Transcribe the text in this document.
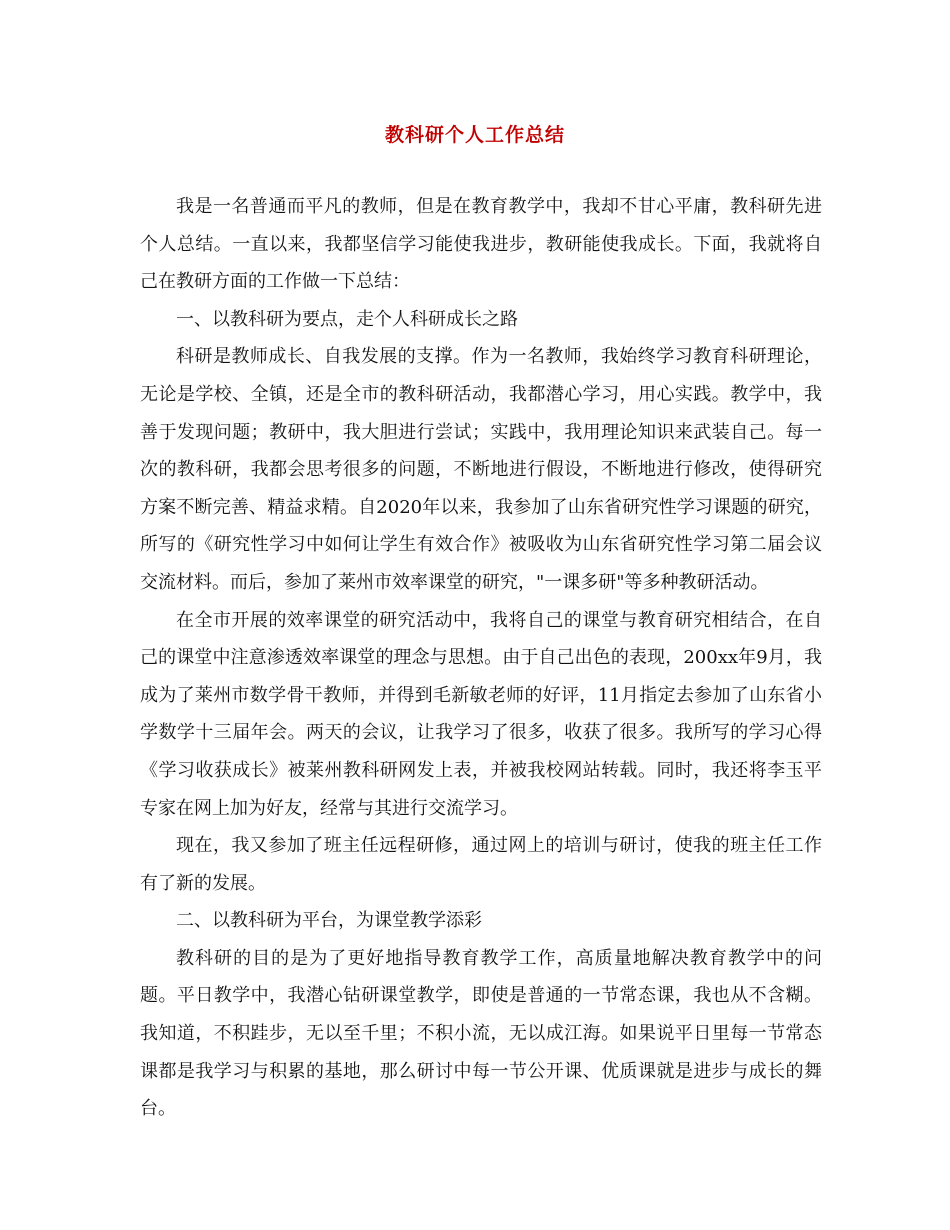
教科研个人工作总结

我是一名普通而平凡的教师，但是在教育教学中，我却不甘心平庸，教科研先进个人总结。一直以来，我都坚信学习能使我进步，教研能使我成长。下面，我就将自己在教研方面的工作做一下总结：

一、以教科研为要点，走个人科研成长之路

科研是教师成长、自我发展的支撑。作为一名教师，我始终学习教育科研理论，无论是学校、全镇，还是全市的教科研活动，我都潜心学习，用心实践。教学中，我善于发现问题；教研中，我大胆进行尝试；实践中，我用理论知识来武装自己。每一次的教科研，我都会思考很多的问题，不断地进行假设，不断地进行修改，使得研究方案不断完善、精益求精。自2020年以来，我参加了山东省研究性学习课题的研究，所写的《研究性学习中如何让学生有效合作》被吸收为山东省研究性学习第二届会议交流材料。而后，参加了莱州市效率课堂的研究，"一课多研"等多种教研活动。

在全市开展的效率课堂的研究活动中，我将自己的课堂与教育研究相结合，在自己的课堂中注意渗透效率课堂的理念与思想。由于自己出色的表现，200xx年9月，我成为了莱州市数学骨干教师，并得到毛新敏老师的好评，11月指定去参加了山东省小学数学十三届年会。两天的会议，让我学习了很多，收获了很多。我所写的学习心得《学习收获成长》被莱州教科研网发上表，并被我校网站转载。同时，我还将李玉平专家在网上加为好友，经常与其进行交流学习。

现在，我又参加了班主任远程研修，通过网上的培训与研讨，使我的班主任工作有了新的发展。

二、以教科研为平台，为课堂教学添彩

教科研的目的是为了更好地指导教育教学工作，高质量地解决教育教学中的问题。平日教学中，我潜心钻研课堂教学，即使是普通的一节常态课，我也从不含糊。我知道，不积跬步，无以至千里；不积小流，无以成江海。如果说平日里每一节常态课都是我学习与积累的基地，那么研讨中每一节公开课、优质课就是进步与成长的舞台。
